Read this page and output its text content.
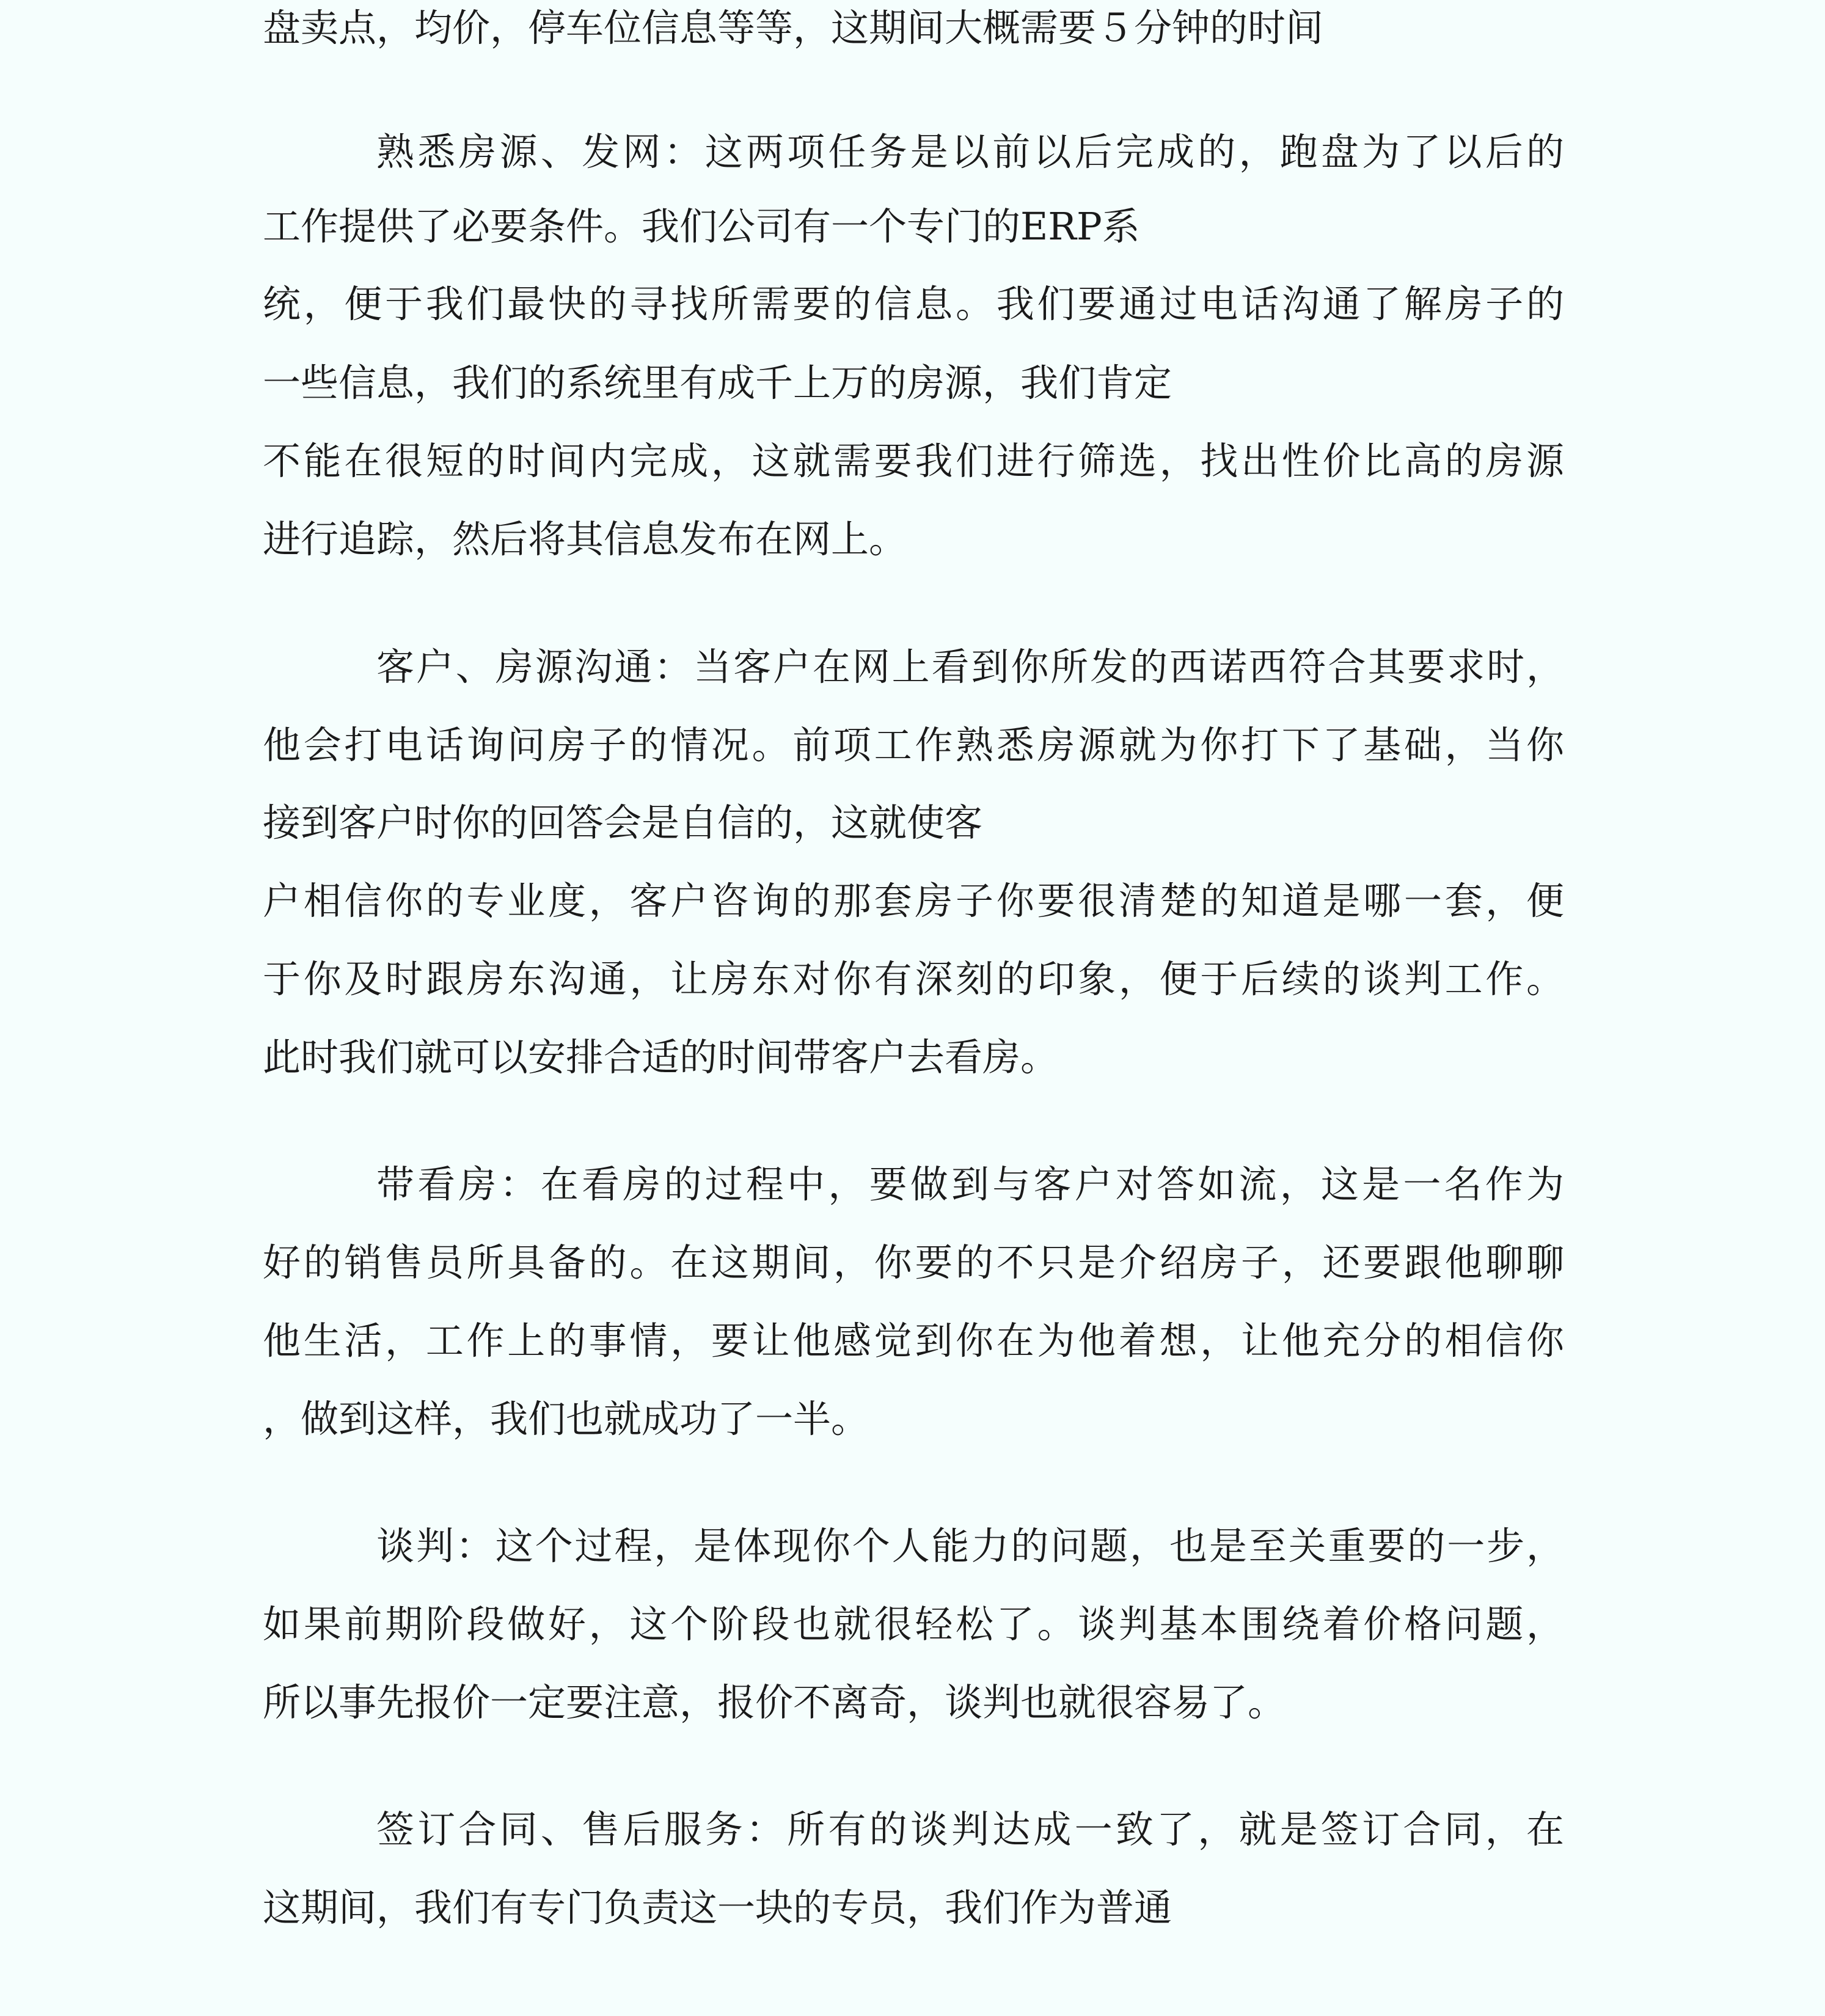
盘卖点，均价，停车位信息等等，这期间大概需要５分钟的时间

熟悉房源、发网：这两项任务是以前以后完成的，跑盘为了以后的

工作提供了必要条件。我们公司有一个专门的ERP系

统，便于我们最快的寻找所需要的信息。我们要通过电话沟通了解房子的

一些信息，我们的系统里有成千上万的房源，我们肯定

不能在很短的时间内完成，这就需要我们进行筛选，找出性价比高的房源

进行追踪，然后将其信息发布在网上。

客户、房源沟通：当客户在网上看到你所发的西诺西符合其要求时，

他会打电话询问房子的情况。前项工作熟悉房源就为你打下了基础，当你

接到客户时你的回答会是自信的，这就使客

户相信你的专业度，客户咨询的那套房子你要很清楚的知道是哪一套，便

于你及时跟房东沟通，让房东对你有深刻的印象，便于后续的谈判工作。

此时我们就可以安排合适的时间带客户去看房。

带看房：在看房的过程中，要做到与客户对答如流，这是一名作为

好的销售员所具备的。在这期间，你要的不只是介绍房子，还要跟他聊聊

他生活，工作上的事情，要让他感觉到你在为他着想，让他充分的相信你

，做到这样，我们也就成功了一半。

谈判：这个过程，是体现你个人能力的问题，也是至关重要的一步，

如果前期阶段做好，这个阶段也就很轻松了。谈判基本围绕着价格问题，

所以事先报价一定要注意，报价不离奇，谈判也就很容易了。

签订合同、售后服务：所有的谈判达成一致了，就是签订合同，在

这期间，我们有专门负责这一块的专员，我们作为普通
